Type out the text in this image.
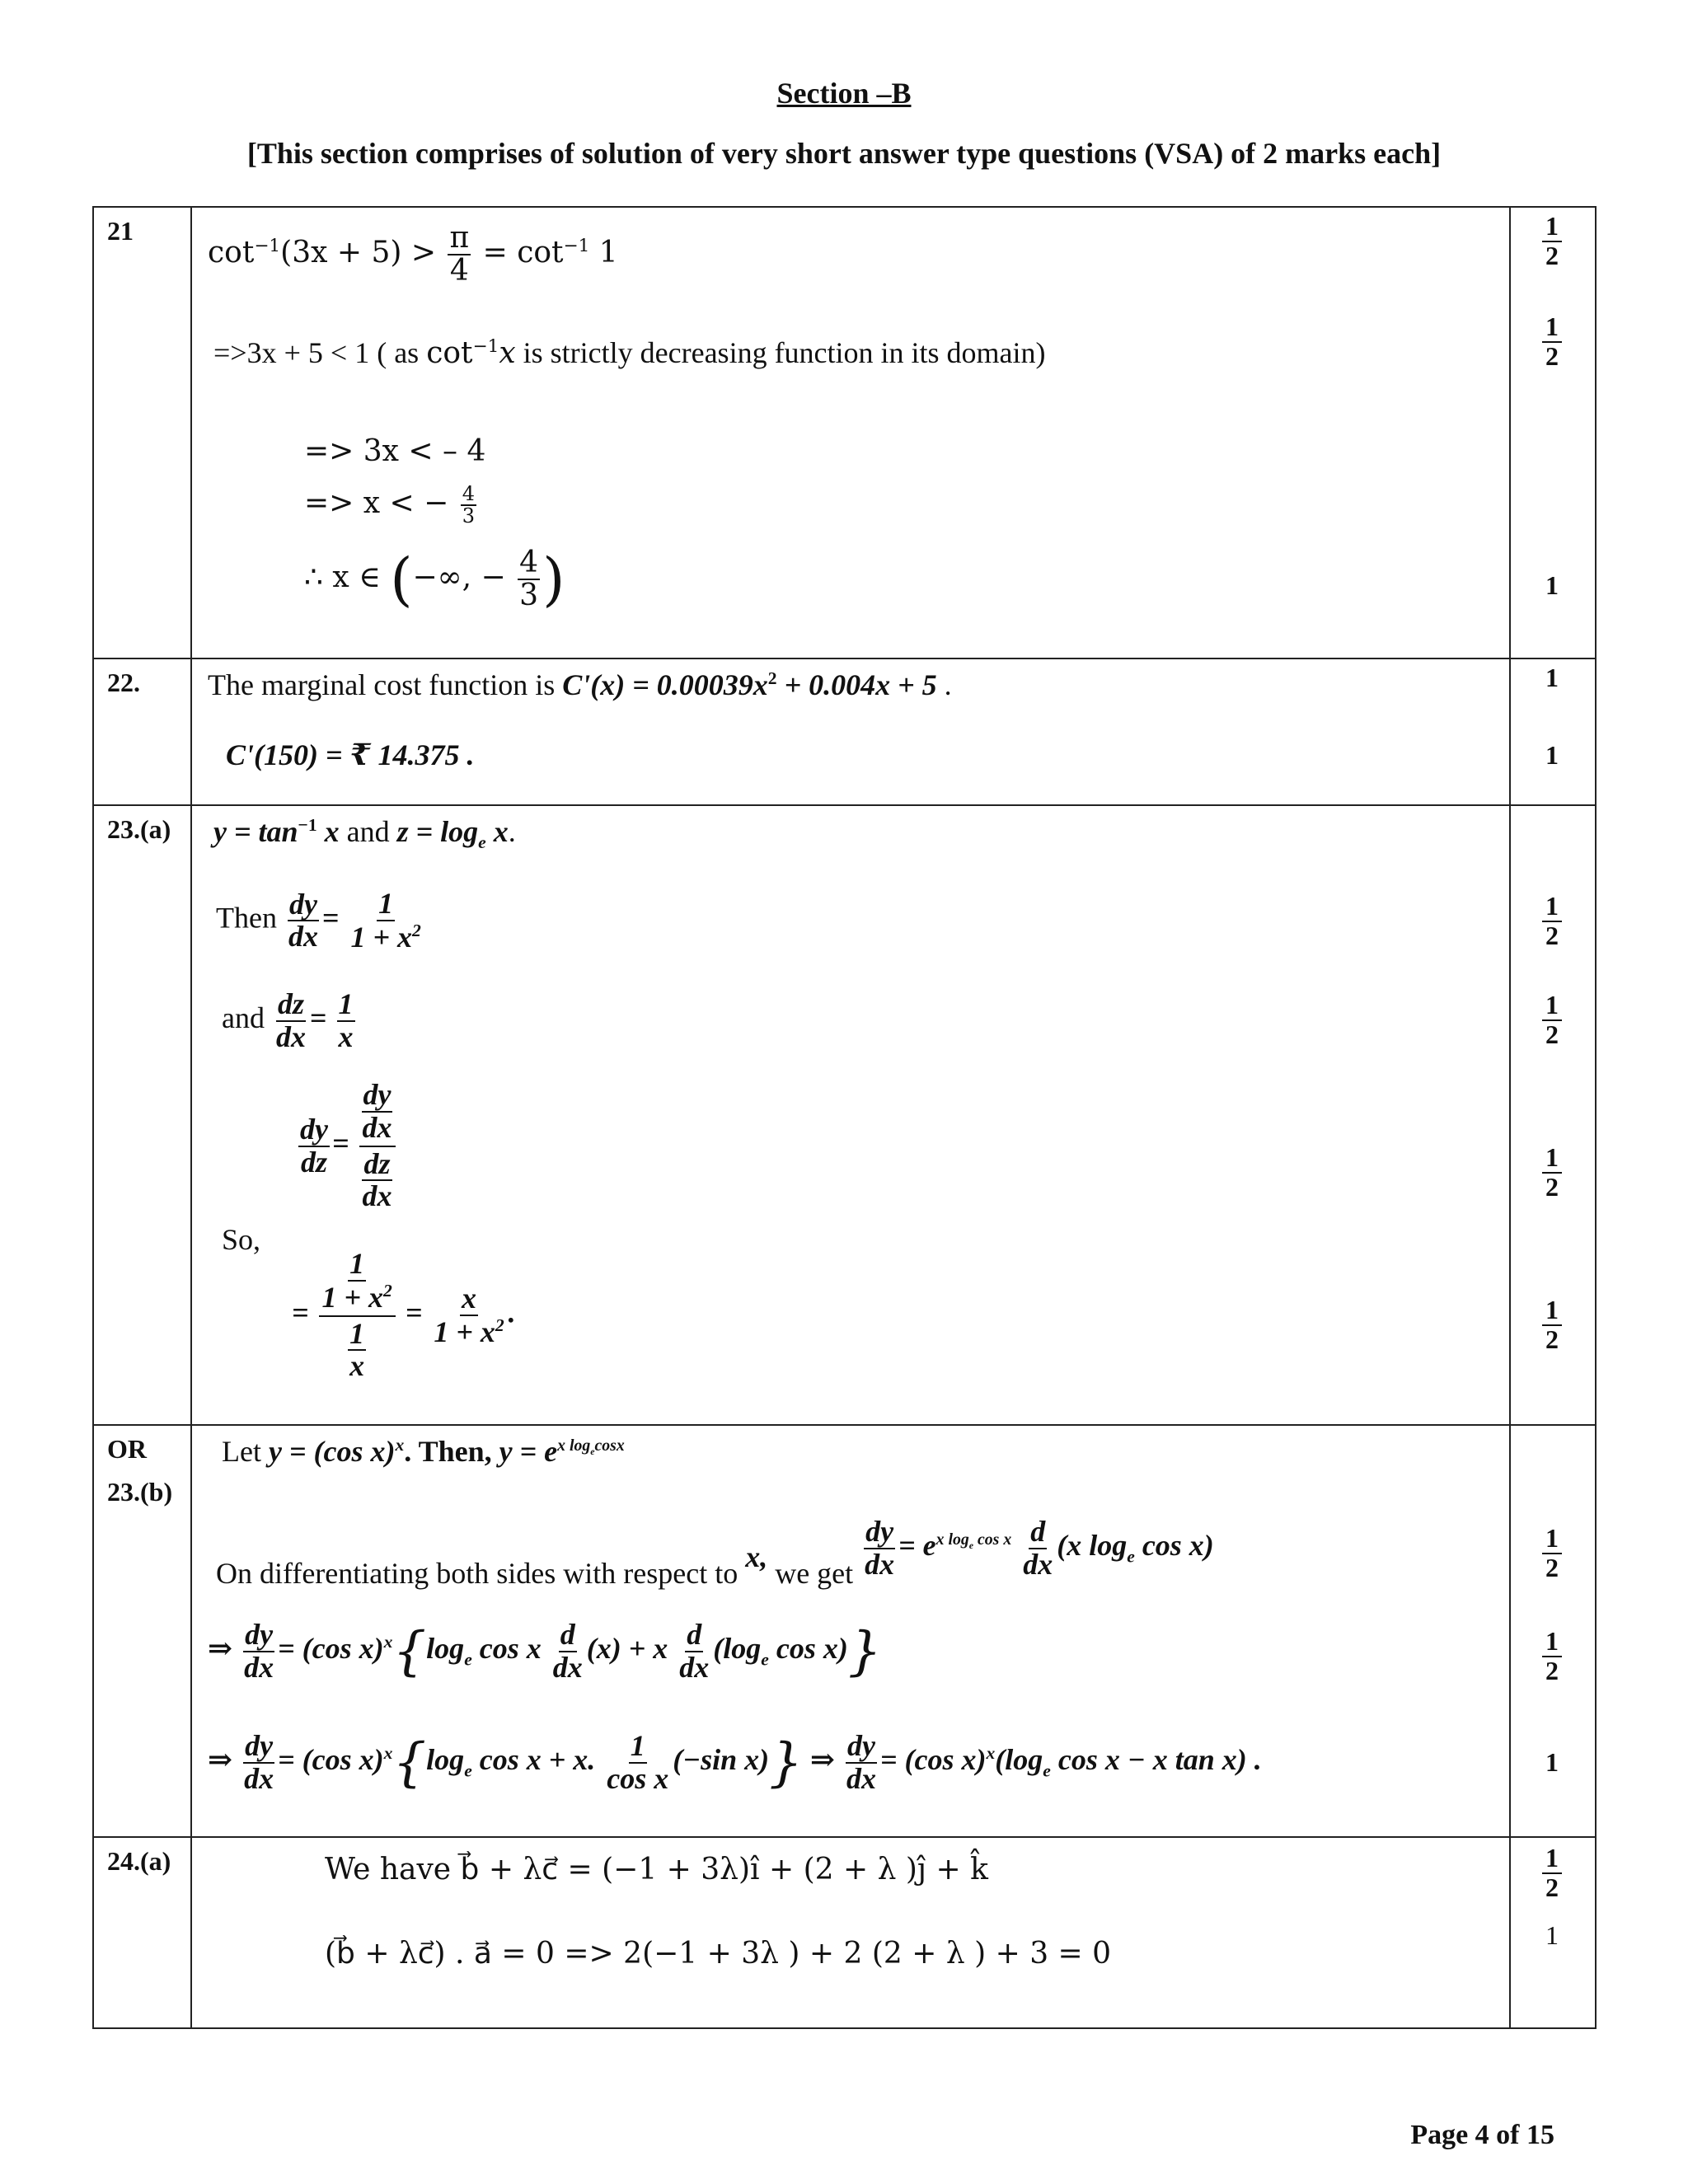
Section –B
[This section comprises of solution of very short answer type questions (VSA) of 2 marks each]
21
$\cot^{-1}(3x + 5) > \frac{\pi}{4} = \cot^{-1} 1$
=>3x + 5 < 1 ( as $\cot^{-1}x$ is strictly decreasing function in its domain)
=> 3x < – 4
=> x < − $\frac{4}{3}$
∴ x ∈ (−∞, − $\frac{4}{3}$ )
$\frac{1}{2}$
$\frac{1}{2}$
1
22. The marginal cost function is $C'(x) = 0.00039x^2 + 0.004x + 5$ .
C'(150) = ₹ 14.375 .
1
1
23.(a) $y = \tan^{-1} x$ and $z = \log_e x$.
Then $\frac{dy}{dx} = \frac{1}{1 + x^2}$
and $\frac{dz}{dx} = \frac{1}{x}$
So,
$\frac{dy}{dz} = \frac{\frac{dy}{dx}}{\frac{dz}{dx}}$
= $\frac{\frac{1}{1 + x^2}}{\frac{1}{x}} = \frac{x}{1 + x^2}$ .
$\frac{1}{2}$
$\frac{1}{2}$
$\frac{1}{2}$
$\frac{1}{2}$
OR
23.(b)
Let y = (cos x)$^x$. Then, $y = e^{x log_ecosx}$
On differentiating both sides with respect to x, we get $\frac{dy}{dx} = e^{x log_e cos x} \frac{d}{dx} (x$ $\log_e \cos x$)
⇒ $\frac{dy}{dx} = (\cos$ $x)^x\{\log_e$ cos x $\frac{d}{dx} (x) + x \frac{d}{dx} (\log_e$ cos x)}
⇒ $\frac{dy}{dx} = (\cos$ $x)^x\{\log_e$ cos x + x. $\frac{1}{\text{cos x}} (-\sin$ x)} ⇒ $\frac{dy}{dx} = (\cos$ $x)^x(\log_e$ cos x − x tan x) .
$\frac{1}{2}$
$\frac{1}{2}$
1
24.(a)	We have b⃗ + λc⃗ = (−1 + 3λ)î + (2 + λ )ĵ + k̂
(b⃗ + λc⃗) . a⃗ = 0 => 2(−1 + 3λ ) + 2 (2 + λ ) + 3 = 0
$\frac{1}{2}$
1
Page 4 of 15
